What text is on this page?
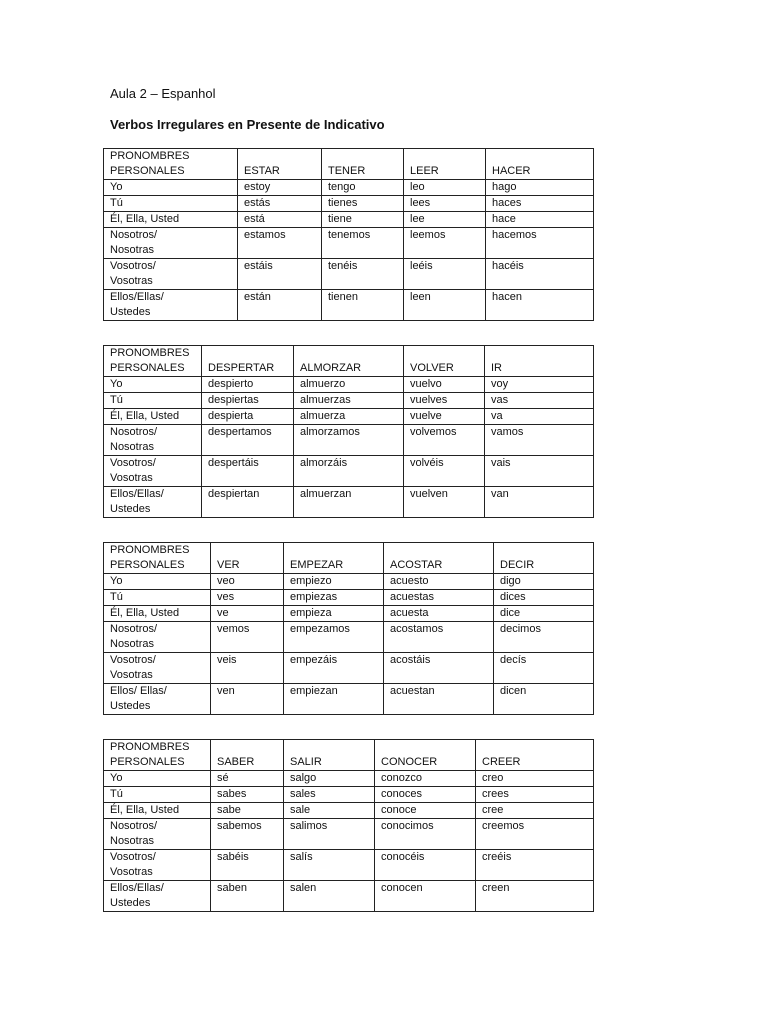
Aula 2 – Espanhol

Verbos Irregulares en Presente de Indicativo

PRONOMBRES
PERSONALES	ESTAR	TENER	LEER	HACER
Yo	estoy	tengo	leo	hago
Tú	estás	tienes	lees	haces
Él, Ella, Usted	está	tiene	lee	hace
Nosotros/
Nosotras	estamos	tenemos	leemos	hacemos
Vosotros/
Vosotras	estáis	tenéis	leéis	hacéis
Ellos/Ellas/
Ustedes	están	tienen	leen	hacen
PRONOMBRES
PERSONALES	DESPERTAR	ALMORZAR	VOLVER	IR
Yo	despierto	almuerzo	vuelvo	voy
Tú	despiertas	almuerzas	vuelves	vas
Él, Ella, Usted	despierta	almuerza	vuelve	va
Nosotros/
Nosotras	despertamos	almorzamos	volvemos	vamos
Vosotros/
Vosotras	despertáis	almorzáis	volvéis	vais
Ellos/Ellas/
Ustedes	despiertan	almuerzan	vuelven	van
PRONOMBRES
PERSONALES	VER	EMPEZAR	ACOSTAR	DECIR
Yo	veo	empiezo	acuesto	digo
Tú	ves	empiezas	acuestas	dices
Él, Ella, Usted	ve	empieza	acuesta	dice
Nosotros/
Nosotras	vemos	empezamos	acostamos	decimos
Vosotros/
Vosotras	veis	empezáis	acostáis	decís
Ellos/ Ellas/
Ustedes	ven	empiezan	acuestan	dicen
PRONOMBRES
PERSONALES	SABER	SALIR	CONOCER	CREER
Yo	sé	salgo	conozco	creo
Tú	sabes	sales	conoces	crees
Él, Ella, Usted	sabe	sale	conoce	cree
Nosotros/
Nosotras	sabemos	salimos	conocimos	creemos
Vosotros/
Vosotras	sabéis	salís	conocéis	creéis
Ellos/Ellas/
Ustedes	saben	salen	conocen	creen
